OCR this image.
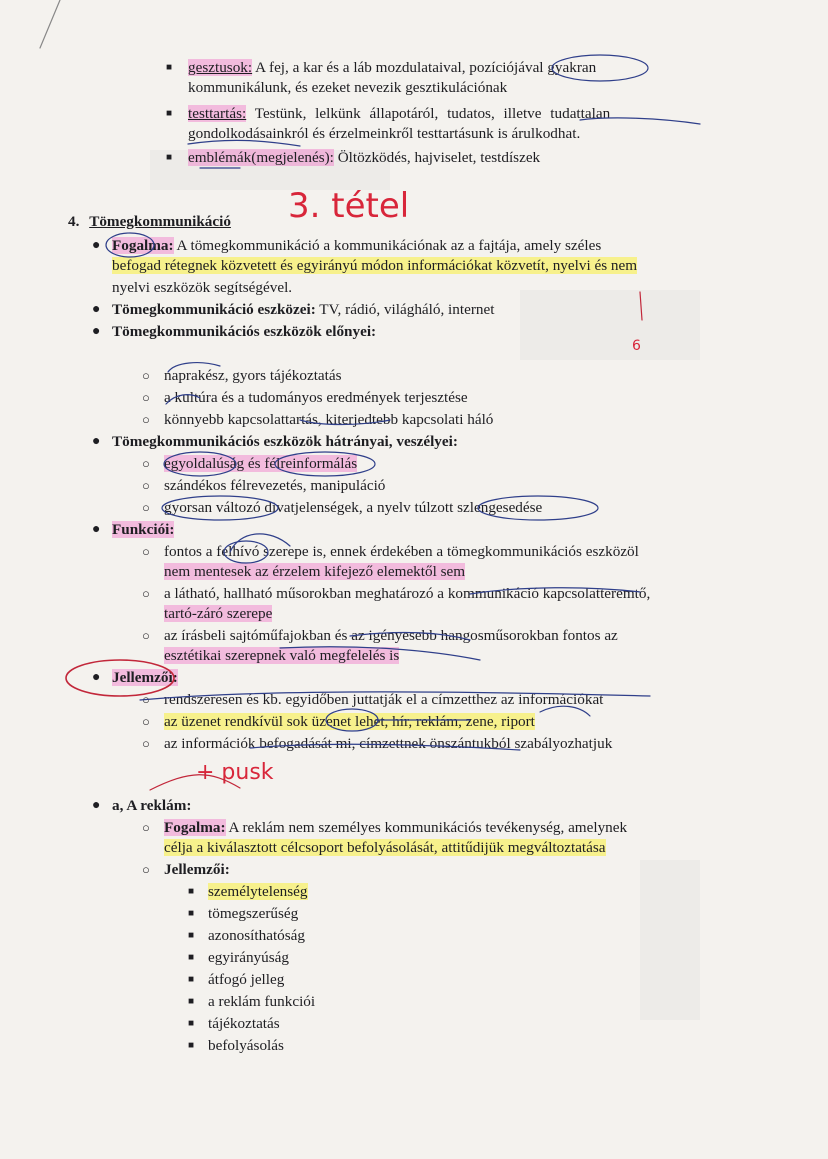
■ gesztusok: A fej, a kar és a láb mozdulataival, pozíciójával gyakran
kommunikálunk, és ezeket nevezik gesztikulációnak
■ testtartás: Testünk, lelkünk állapotáról, tudatos, illetve tudattalan
gondolkodásainkról és érzelmeinkről testtartásunk is árulkodhat.
■ emblémák(megjelenés): Öltözködés, hajviselet, testdíszek
4. Tömegkommunikáció 3. tétel
● Fogalma: A tömegkommunikáció a kommunikációnak az a fajtája, amely széles
befogad rétegnek közvetett és egyirányú módon információkat közvetít, nyelvi és nem
nyelvi eszközök segítségével.
● Tömegkommunikáció eszközei: TV, rádió, világháló, internet
● Tömegkommunikációs eszközök előnyei:
○ naprakész, gyors tájékoztatás
○ a kultúra és a tudományos eredmények terjesztése
○ könnyebb kapcsolattartás, kiterjedtebb kapcsolati háló
● Tömegkommunikációs eszközök hátrányai, veszélyei:
○ egyoldalúság és félreinformálás
○ szándékos félrevezetés, manipuláció
○ gyorsan változó divatjelenségek, a nyelv túlzott szlengesedése
● Funkciói:
○ fontos a felhívó szerepe is, ennek érdekében a tömegkommunikációs eszközöl
nem mentesek az érzelem kifejező elemektől sem
○ a látható, hallható műsorokban meghatározó a kommunikáció kapcsolatteremtő,
tartó-záró szerepe
○ az írásbeli sajtóműfajokban és az igényesebb hangosműsorokban fontos az
esztétikai szerepnek való megfelelés is
● Jellemzői:
○ rendszeresen és kb. egyidőben juttatják el a címzetthez az információkat
○ az üzenet rendkívül sok üzenet lehet, hír, reklám, zene, riport
○ az információk befogadását mi, címzettnek önszántukból szabályozhatjuk
+ pusk
6
● a, A reklám:
○ Fogalma: A reklám nem személyes kommunikációs tevékenység, amelynek
célja a kiválasztott célcsoport befolyásolását, attitűdijük megváltoztatása
○ Jellemzői:
■ személytelenség
■ tömegszerűség
■ azonosíthatóság
■ egyirányúság
■ átfogó jelleg
■ a reklám funkciói
■ tájékoztatás
■ befolyásolás
